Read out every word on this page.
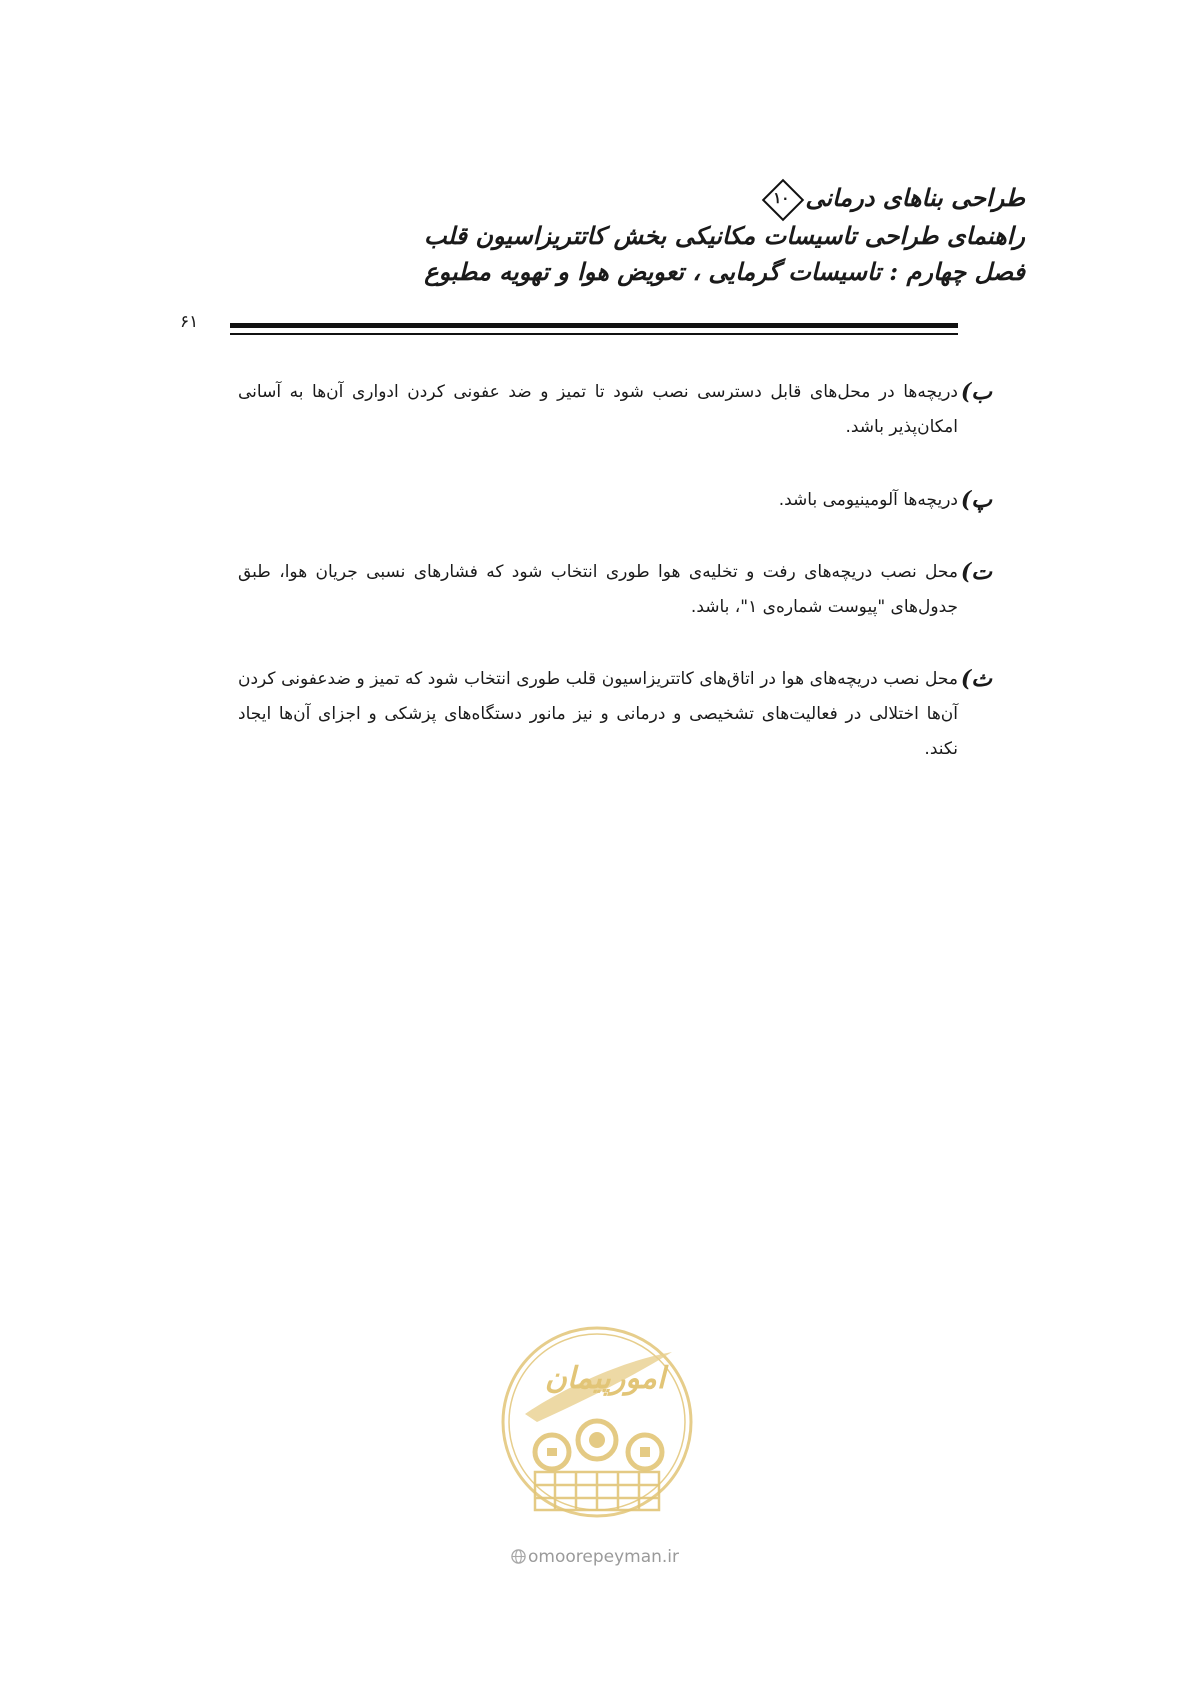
طراحی بناهای درمانی
۱۰
راهنمای طراحی تاسیسات مکانیکی بخش کاتتریزاسیون قلب
فصل چهارم : تاسیسات گرمایی ، تعویض هوا و تهویه مطبوع
۶۱
ب)
دریچه‌ها در محل‌های قابل دسترسی نصب شود تا تمیز و ضد عفونی کردن ادواری آن‌ها به آسانی امکان‌پذیر باشد.
پ)
دریچه‌ها آلومینیومی باشد.
ت)
محل نصب دریچه‌های رفت و تخلیه‌ی هوا طوری انتخاب شود که فشارهای نسبی جریان هوا، طبق جدول‌های "پیوست شماره‌ی ۱"، باشد.
ث)
محل نصب دریچه‌های هوا در اتاق‌های کاتتریزاسیون قلب طوری انتخاب شود که تمیز و ضدعفونی کردن آن‌ها اختلالی در فعالیت‌های تشخیصی و درمانی و نیز مانور دستگاه‌های پزشکی و اجزای آن‌ها ایجاد نکند.
امورپیمان
omoorepeyman.ir
